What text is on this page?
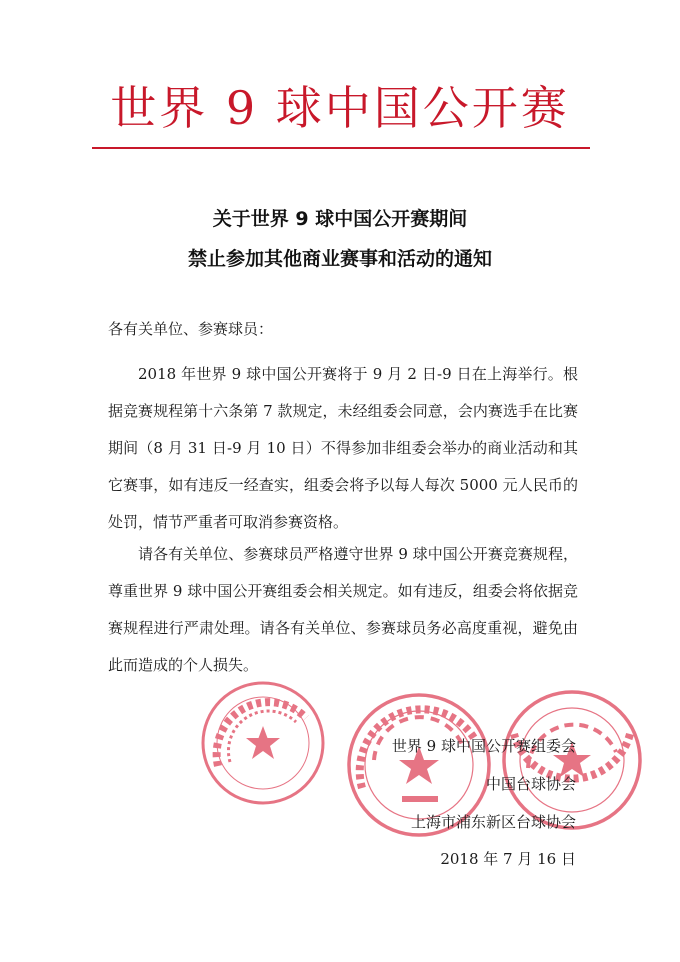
世界 9 球中国公开赛
关于世界 9 球中国公开赛期间
禁止参加其他商业赛事和活动的通知
各有关单位、参赛球员：
2018 年世界 9 球中国公开赛将于 9 月 2 日-9 日在上海举行。根据竞赛规程第十六条第 7 款规定，未经组委会同意，会内赛选手在比赛期间（8 月 31 日-9 月 10 日）不得参加非组委会举办的商业活动和其它赛事，如有违反一经查实，组委会将予以每人每次 5000 元人民币的处罚，情节严重者可取消参赛资格。
请各有关单位、参赛球员严格遵守世界 9 球中国公开赛竞赛规程，尊重世界 9 球中国公开赛组委会相关规定。如有违反，组委会将依据竞赛规程进行严肃处理。请各有关单位、参赛球员务必高度重视，避免由此而造成的个人损失。
世界 9 球中国公开赛组委会
中国台球协会
上海市浦东新区台球协会
2018 年 7 月 16 日
